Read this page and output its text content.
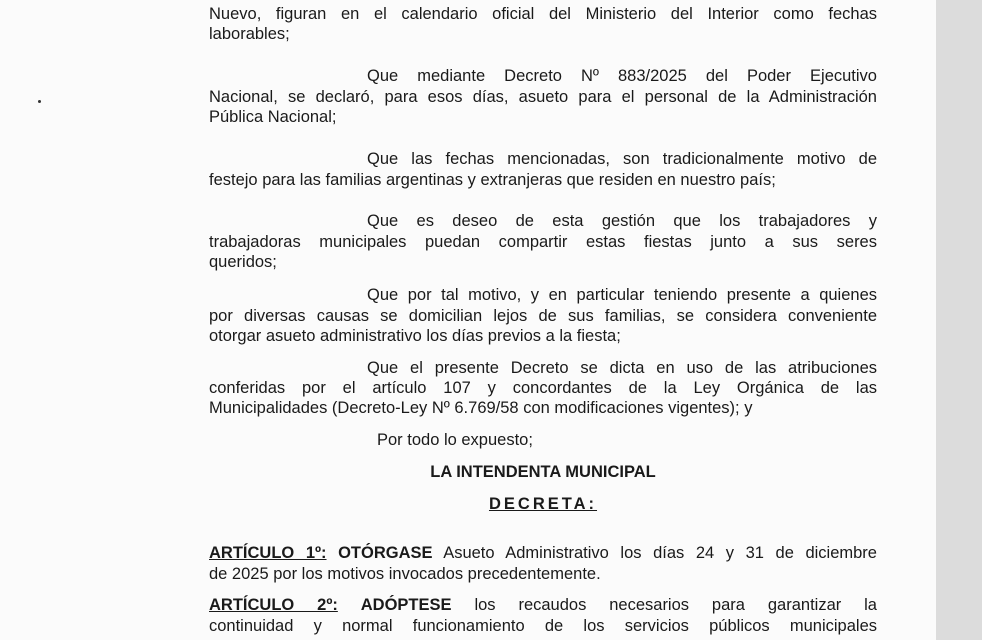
Nuevo, figuran en el calendario oficial del Ministerio del Interior como fechas
laborables;
Que mediante Decreto Nº 883/2025 del Poder Ejecutivo
Nacional, se declaró, para esos días, asueto para el personal de la Administración
Pública Nacional;
Que las fechas mencionadas, son tradicionalmente motivo de
festejo para las familias argentinas y extranjeras que residen en nuestro país;
Que es deseo de esta gestión que los trabajadores y
trabajadoras municipales puedan compartir estas fiestas junto a sus seres
queridos;
Que por tal motivo, y en particular teniendo presente a quienes
por diversas causas se domicilian lejos de sus familias, se considera conveniente
otorgar asueto administrativo los días previos a la fiesta;
Que el presente Decreto se dicta en uso de las atribuciones
conferidas por el artículo 107 y concordantes de la Ley Orgánica de las
Municipalidades (Decreto-Ley Nº 6.769/58 con modificaciones vigentes); y
Por todo lo expuesto;
LA INTENDENTA MUNICIPAL
DECRETA:
ARTÍCULO 1º: OTÓRGASE Asueto Administrativo los días 24 y 31 de diciembre
de 2025 por los motivos invocados precedentemente.
ARTÍCULO 2º: ADÓPTESE los recaudos necesarios para garantizar la
continuidad y normal funcionamiento de los servicios públicos municipales
